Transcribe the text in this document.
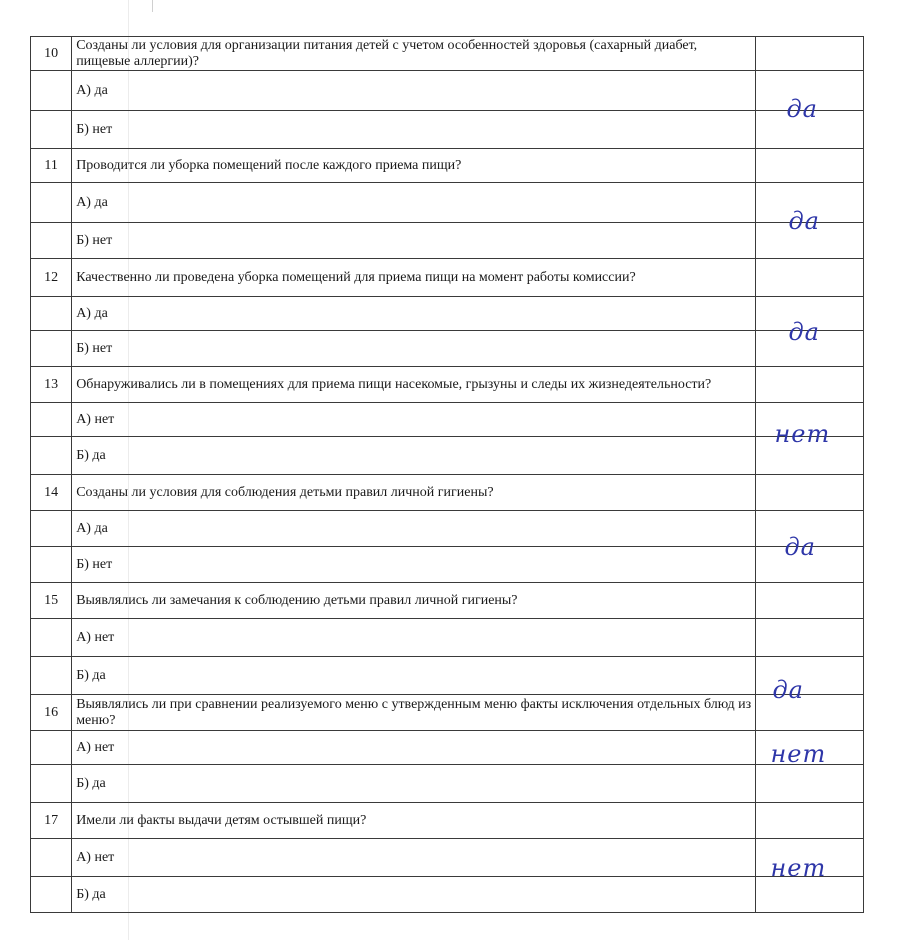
10	Созданы ли условия для организации питания детей с учетом особенностей здоровья (сахарный диабет, пищевые аллергии)?	
	А) да	да

	Б) нет	
11	Проводится ли уборка помещений после каждого приема пищи?	
	А) да	да

	Б) нет	
12	Качественно ли проведена уборка помещений для приема пищи на момент работы комиссии?	
	А) да	да

	Б) нет	
13	Обнаруживались ли в помещениях для приема пищи насекомые, грызуны и следы их жизнедеятельности?	
	А) нет	нет

	Б) да	
14	Созданы ли условия для соблюдения детьми правил личной гигиены?	
	А) да	да

	Б) нет	
15	Выявлялись ли замечания к соблюдению детьми правил личной гигиены?	
	А) нет	
	Б) да	да

16	Выявлялись ли при сравнении реализуемого меню с утвержденным меню факты исключения отдельных блюд из меню?	
	А) нет	нет

	Б) да	
17	Имели ли факты выдачи детям остывшей пищи?	
	А) нет	нет

	Б) да	
